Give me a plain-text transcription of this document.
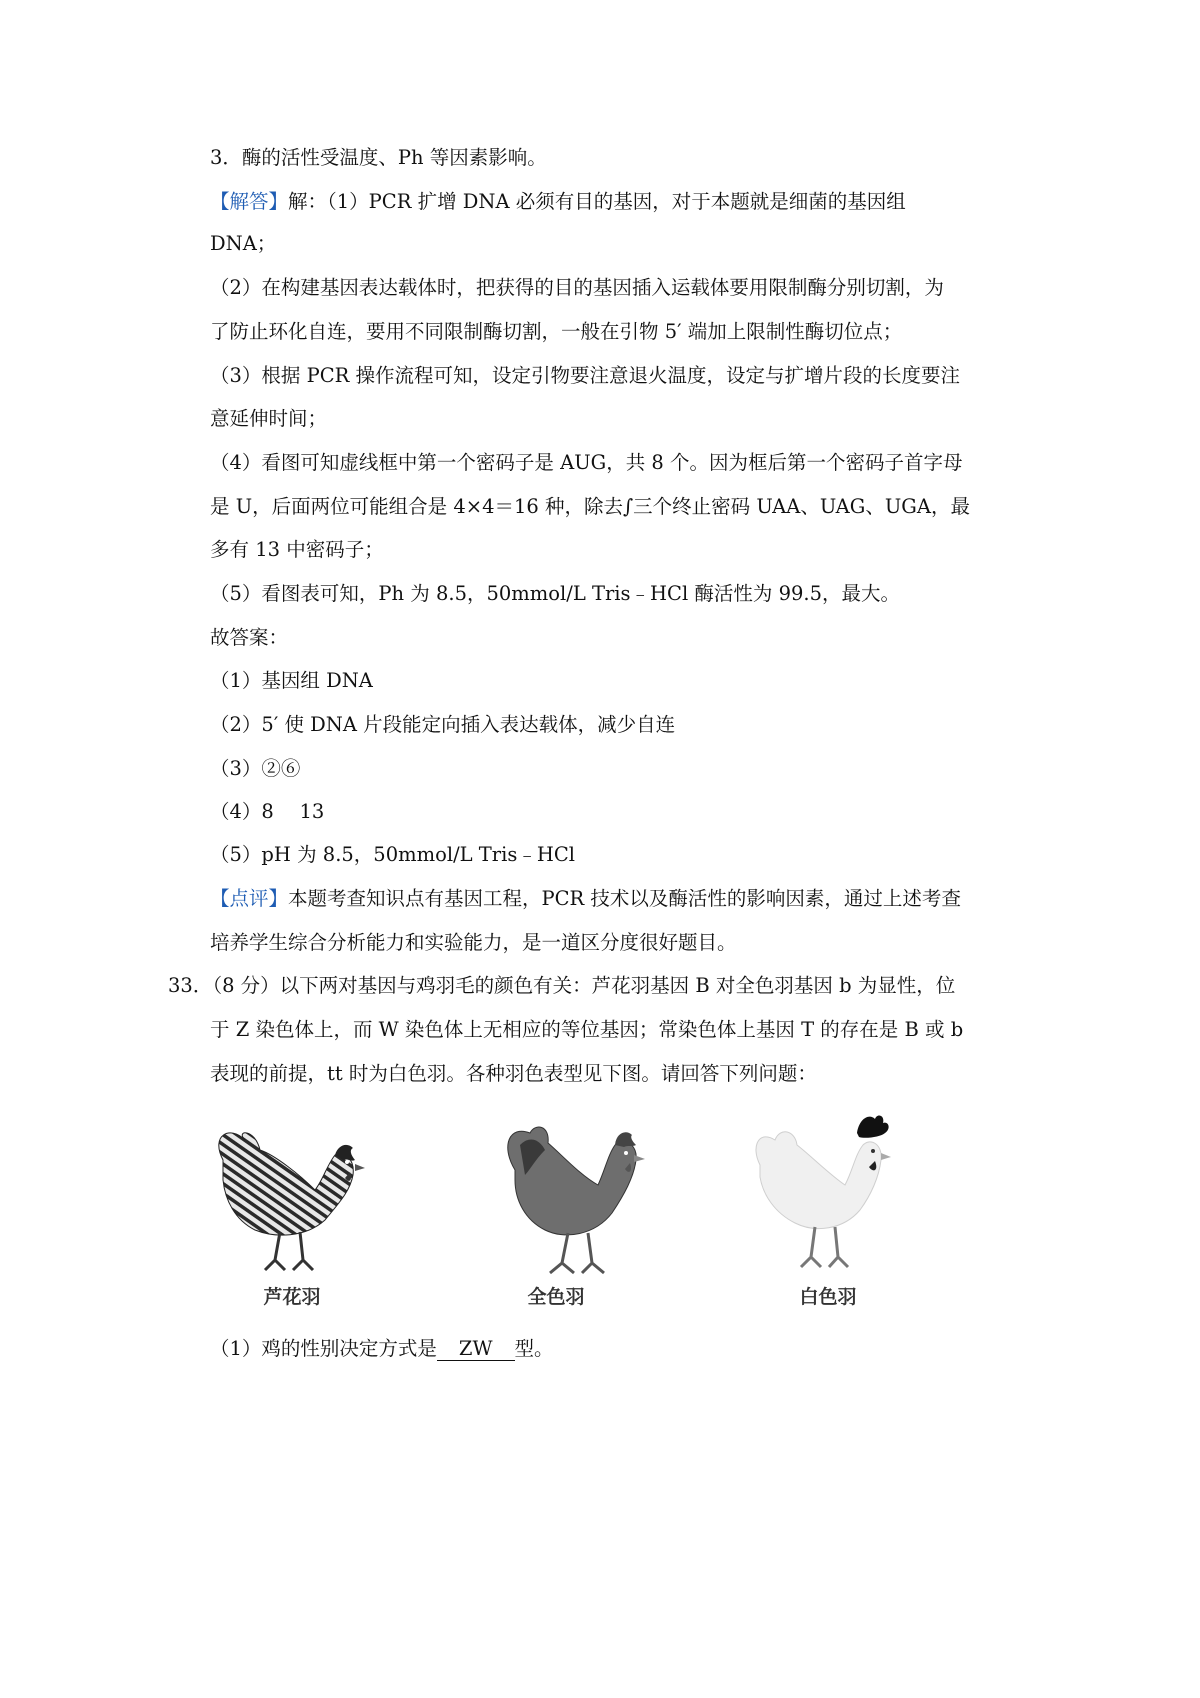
3．酶的活性受温度、Ph 等因素影响。
【解答】解：（1）PCR 扩增 DNA 必须有目的基因，对于本题就是细菌的基因组
DNA；
（2）在构建基因表达载体时，把获得的目的基因插入运载体要用限制酶分别切割，为
了防止环化自连，要用不同限制酶切割，一般在引物 5′ 端加上限制性酶切位点；
（3）根据 PCR 操作流程可知，设定引物要注意退火温度，设定与扩增片段的长度要注
意延伸时间；
（4）看图可知虚线框中第一个密码子是 AUG，共 8 个。因为框后第一个密码子首字母
是 U，后面两位可能组合是 4×4＝16 种，除去∫三个终止密码 UAA、UAG、UGA，最
多有 13 中密码子；
（5）看图表可知，Ph 为 8.5，50mmol/L Tris﹣HCl 酶活性为 99.5，最大。
故答案：
（1）基因组 DNA
（2）5′ 使 DNA 片段能定向插入表达载体，减少自连
（3）②⑥
（4）8　 13
（5）pH 为 8.5，50mmol/L Tris﹣HCl
【点评】本题考查知识点有基因工程，PCR 技术以及酶活性的影响因素，通过上述考查
培养学生综合分析能力和实验能力，是一道区分度很好题目。
33．（8 分）以下两对基因与鸡羽毛的颜色有关：芦花羽基因 B 对全色羽基因 b 为显性，位
于 Z 染色体上，而 W 染色体上无相应的等位基因；常染色体上基因 T 的存在是 B 或 b
表现的前提，tt 时为白色羽。各种羽色表型见下图。请回答下列问题：
芦花羽	全色羽	白色羽
（1）鸡的性别决定方式是 ZW 型。
